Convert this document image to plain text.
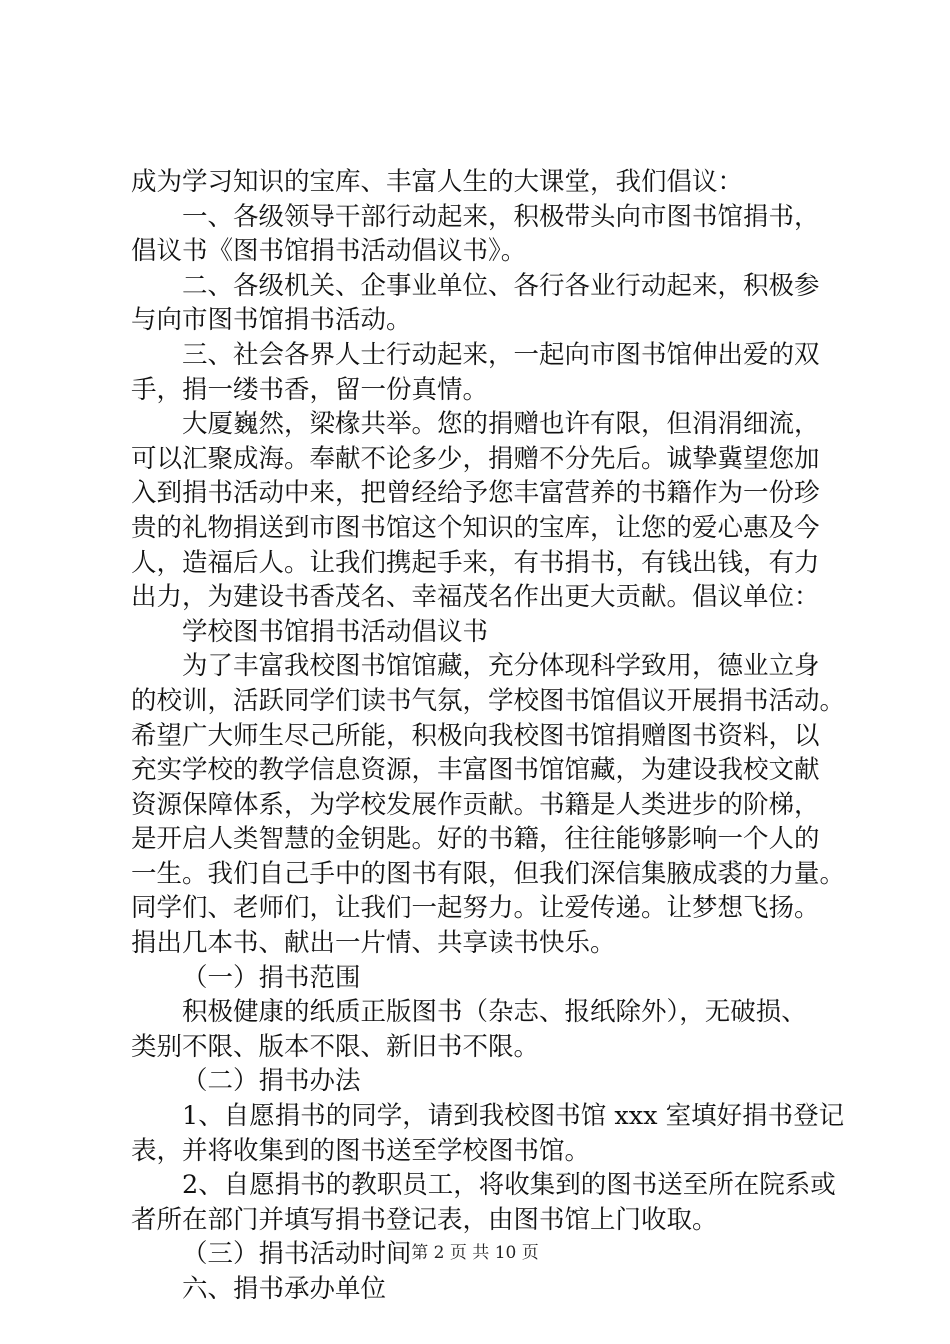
成为学习知识的宝库、丰富人生的大课堂，我们倡议：
一、各级领导干部行动起来，积极带头向市图书馆捐书，
倡议书《图书馆捐书活动倡议书》。
二、各级机关、企事业单位、各行各业行动起来，积极参
与向市图书馆捐书活动。
三、社会各界人士行动起来，一起向市图书馆伸出爱的双
手，捐一缕书香，留一份真情。
大厦巍然，梁椽共举。您的捐赠也许有限，但涓涓细流，
可以汇聚成海。奉献不论多少，捐赠不分先后。诚挚冀望您加
入到捐书活动中来，把曾经给予您丰富营养的书籍作为一份珍
贵的礼物捐送到市图书馆这个知识的宝库，让您的爱心惠及今
人，造福后人。让我们携起手来，有书捐书，有钱出钱，有力
出力，为建设书香茂名、幸福茂名作出更大贡献。倡议单位：
学校图书馆捐书活动倡议书
为了丰富我校图书馆馆藏，充分体现科学致用，德业立身
的校训，活跃同学们读书气氛，学校图书馆倡议开展捐书活动。
希望广大师生尽己所能，积极向我校图书馆捐赠图书资料，以
充实学校的教学信息资源，丰富图书馆馆藏，为建设我校文献
资源保障体系，为学校发展作贡献。书籍是人类进步的阶梯，
是开启人类智慧的金钥匙。好的书籍，往往能够影响一个人的
一生。我们自己手中的图书有限，但我们深信集腋成裘的力量。
同学们、老师们，让我们一起努力。让爱传递。让梦想飞扬。
捐出几本书、献出一片情、共享读书快乐。
（一）捐书范围
积极健康的纸质正版图书（杂志、报纸除外），无破损、
类别不限、版本不限、新旧书不限。
（二）捐书办法
1、自愿捐书的同学，请到我校图书馆 xxx 室填好捐书登记
表，并将收集到的图书送至学校图书馆。
2、自愿捐书的教职员工，将收集到的图书送至所在院系或
者所在部门并填写捐书登记表，由图书馆上门收取。
（三）捐书活动时间
六、捐书承办单位
第 2 页 共 10 页
